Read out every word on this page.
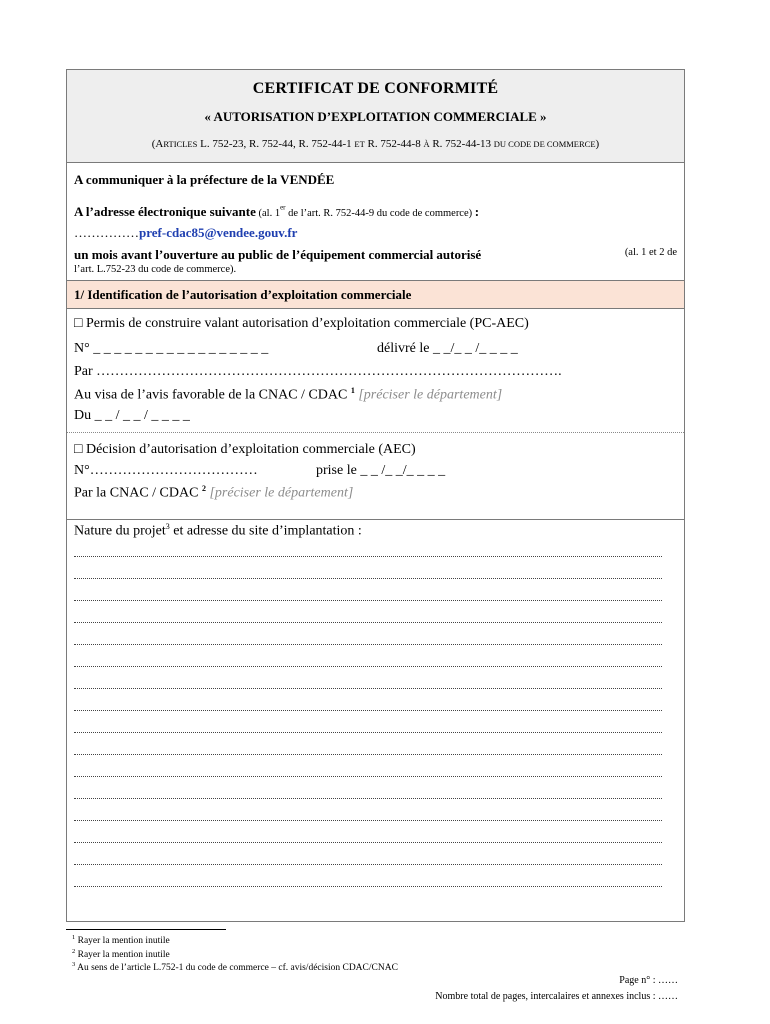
CERTIFICAT DE CONFORMITÉ
« AUTORISATION D’EXPLOITATION COMMERCIALE »
(ARTICLES L. 752-23, R. 752-44, R. 752-44-1 ET R. 752-44-8 À R. 752-44-13 DU CODE DE COMMERCE)
A communiquer à la préfecture de la VENDÉE
A l’adresse électronique suivante (al. 1er de l’art. R. 752-44-9 du code de commerce) :
……………pref-cdac85@vendee.gouv.fr
un mois avant l’ouverture au public de l’équipement commercial autorisé	(al. 1 et 2 de
l’art. L.752-23 du code de commerce).
1/ Identification de l’autorisation d’exploitation commerciale
□ Permis de construire valant autorisation d’exploitation commerciale (PC-AEC)
N° _ _ _ _ _ _ _ _ _ _ _ _ _ _ _ _ _	délivré le _ _/_ _ /_ _ _ _
Par ……………………………………………………………………………………….
Au visa de l’avis favorable de la CNAC / CDAC $^1$ [préciser le département]
Du _ _ / _ _ / _ _ _ _
□ Décision d’autorisation d’exploitation commerciale (AEC)
N°………………………………	prise le _ _ /_ _/_ _ _ _
Par la CNAC / CDAC $^2$ [préciser le département]
Nature du projet$^3$ et adresse du site d’implantation :
$^1$ Rayer la mention inutile
$^2$ Rayer la mention inutile
$^3$ Au sens de l’article L.752-1 du code de commerce – cf. avis/décision CDAC/CNAC
Page n° : ……
Nombre total de pages, intercalaires et annexes inclus : ……
